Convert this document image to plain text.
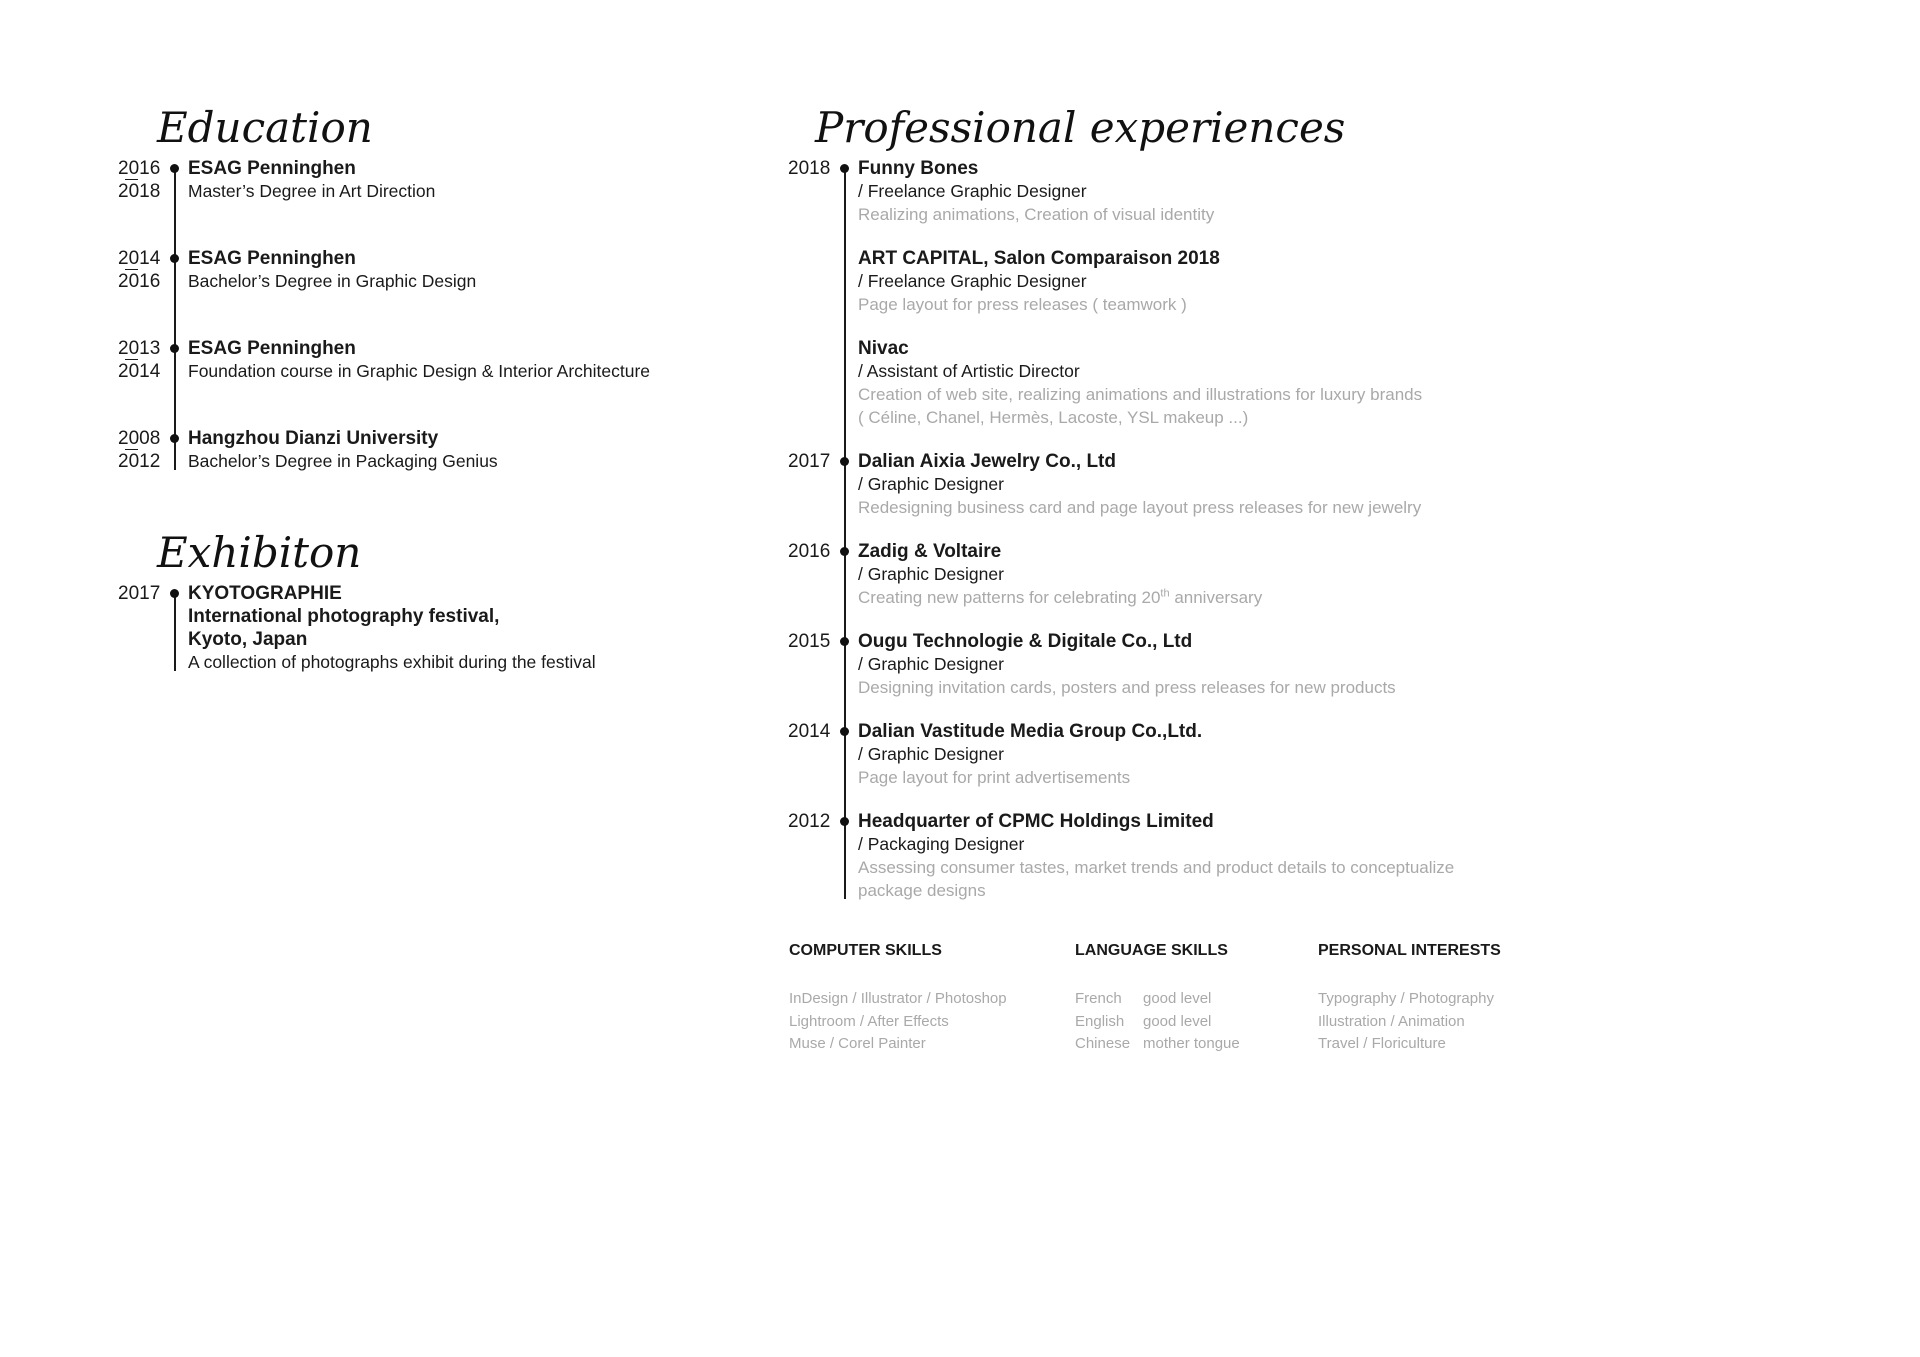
Education
2016
2018
ESAG Penninghen
Master’s Degree in Art Direction
2014
2016
ESAG Penninghen
Bachelor’s Degree in Graphic Design
2013
2014
ESAG Penninghen
Foundation course in Graphic Design & Interior Architecture
2008
2012
Hangzhou Dianzi University
Bachelor’s Degree in Packaging Genius
Exhibiton
2017 KYOTOGRAPHIE
International photography festival,
Kyoto, Japan
A collection of photographs exhibit during the festival
Professional experiences
2018 Funny Bones
/ Freelance Graphic Designer
Realizing animations, Creation of visual identity
ART CAPITAL, Salon Comparaison 2018
/ Freelance Graphic Designer
Page layout for press releases ( teamwork )
Nivac
/ Assistant of Artistic Director
Creation of web site, realizing animations and illustrations for luxury brands
( Céline, Chanel, Hermès, Lacoste, YSL makeup ...)
2017 Dalian Aixia Jewelry Co., Ltd
/ Graphic Designer
Redesigning business card and page layout press releases for new jewelry
2016 Zadig & Voltaire
/ Graphic Designer
Creating new patterns for celebrating 20th anniversary
2015 Ougu Technologie & Digitale Co., Ltd
/ Graphic Designer
Designing invitation cards, posters and press releases for new products
2014 Dalian Vastitude Media Group Co.,Ltd.
/ Graphic Designer
Page layout for print advertisements
2012 Headquarter of CPMC Holdings Limited
/ Packaging Designer
Assessing consumer tastes, market trends and product details to conceptualize
package designs
COMPUTER SKILLS
InDesign / Illustrator / Photoshop
Lightroom / After Effects
Muse / Corel Painter
LANGUAGE SKILLS
French	good level
English	good level
Chinese mother tongue
PERSONAL INTERESTS
Typography / Photography
Illustration / Animation
Travel / Floriculture
